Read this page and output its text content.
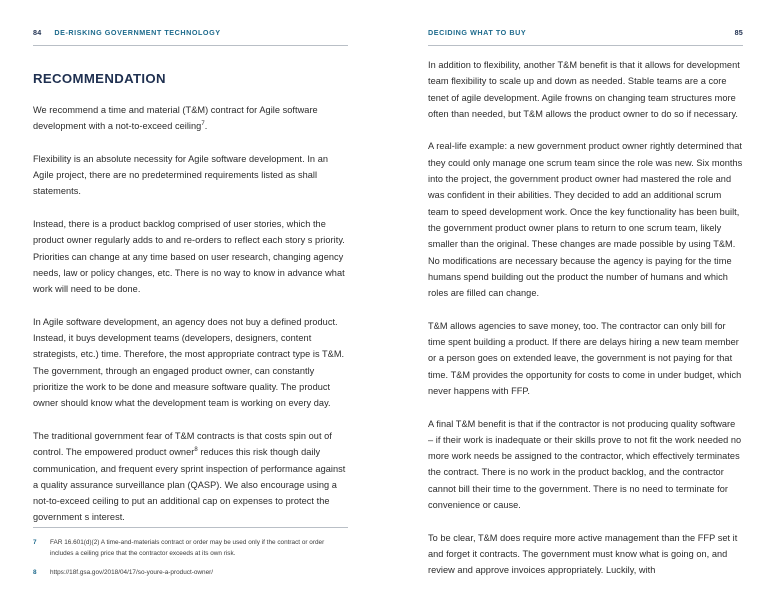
84 DE-RISKING GOVERNMENT TECHNOLOGY
RECOMMENDATION

We recommend a time and material (T&M) contract for Agile software development with a not-to-exceed ceiling$^7$.

Flexibility is an absolute necessity for Agile software development. In an Agile project, there are no predetermined requirements listed as shall statements.

Instead, there is a product backlog comprised of user stories, which the product owner regularly adds to and re-orders to reflect each story s priority. Priorities can change at any time based on user research, changing agency needs, law or policy changes, etc. There is no way to know in advance what work will need to be done.

In Agile software development, an agency does not buy a defined product. Instead, it buys development teams (developers, designers, content strategists, etc.) time. Therefore, the most appropriate contract type is T&M. The government, through an engaged product owner, can constantly prioritize the work to be done and measure software quality. The product owner should know what the development team is working on every day.

The traditional government fear of T&M contracts is that costs spin out of control. The empowered product owner$^8$ reduces this risk though daily communication, and frequent every sprint inspection of performance against a quality assurance surveillance plan (QASP). We also encourage using a not-to-exceed ceiling to put an additional cap on expenses to protect the government s interest.

7	FAR 16.601(d)(2) A time-and-materials contract or order may be used only if the contract or order includes a ceiling price that the contractor exceeds at its own risk.
8	https://18f.gsa.gov/2018/04/17/so-youre-a-product-owner/
DECIDING WHAT TO BUY	85

In addition to flexibility, another T&M benefit is that it allows for development team flexibility to scale up and down as needed. Stable teams are a core tenet of agile development. Agile frowns on changing team structures more often than needed, but T&M allows the product owner to do so if necessary.

A real-life example: a new government product owner rightly determined that they could only manage one scrum team since the role was new. Six months into the project, the government product owner had mastered the role and was confident in their abilities. They decided to add an additional scrum team to speed development work. Once the key functionality has been built, the government product owner plans to return to one scrum team, likely smaller than the original. These changes are made possible by using T&M. No modifications are necessary because the agency is paying for the time humans spend building out the product the number of humans and which roles are filled can change.

T&M allows agencies to save money, too. The contractor can only bill for time spent building a product. If there are delays hiring a new team member or a person goes on extended leave, the government is not paying for that time. T&M provides the opportunity for costs to come in under budget, which never happens with FFP.

A final T&M benefit is that if the contractor is not producing quality software – if their work is inadequate or their skills prove to not fit the work needed no more work needs be assigned to the contractor, which effectively terminates the contract. There is no work in the product backlog, and the contractor cannot bill their time to the government. There is no need to terminate for convenience or cause.

To be clear, T&M does require more active management than the FFP set it and forget it contracts. The government must know what is going on, and review and approve invoices appropriately. Luckily, with
